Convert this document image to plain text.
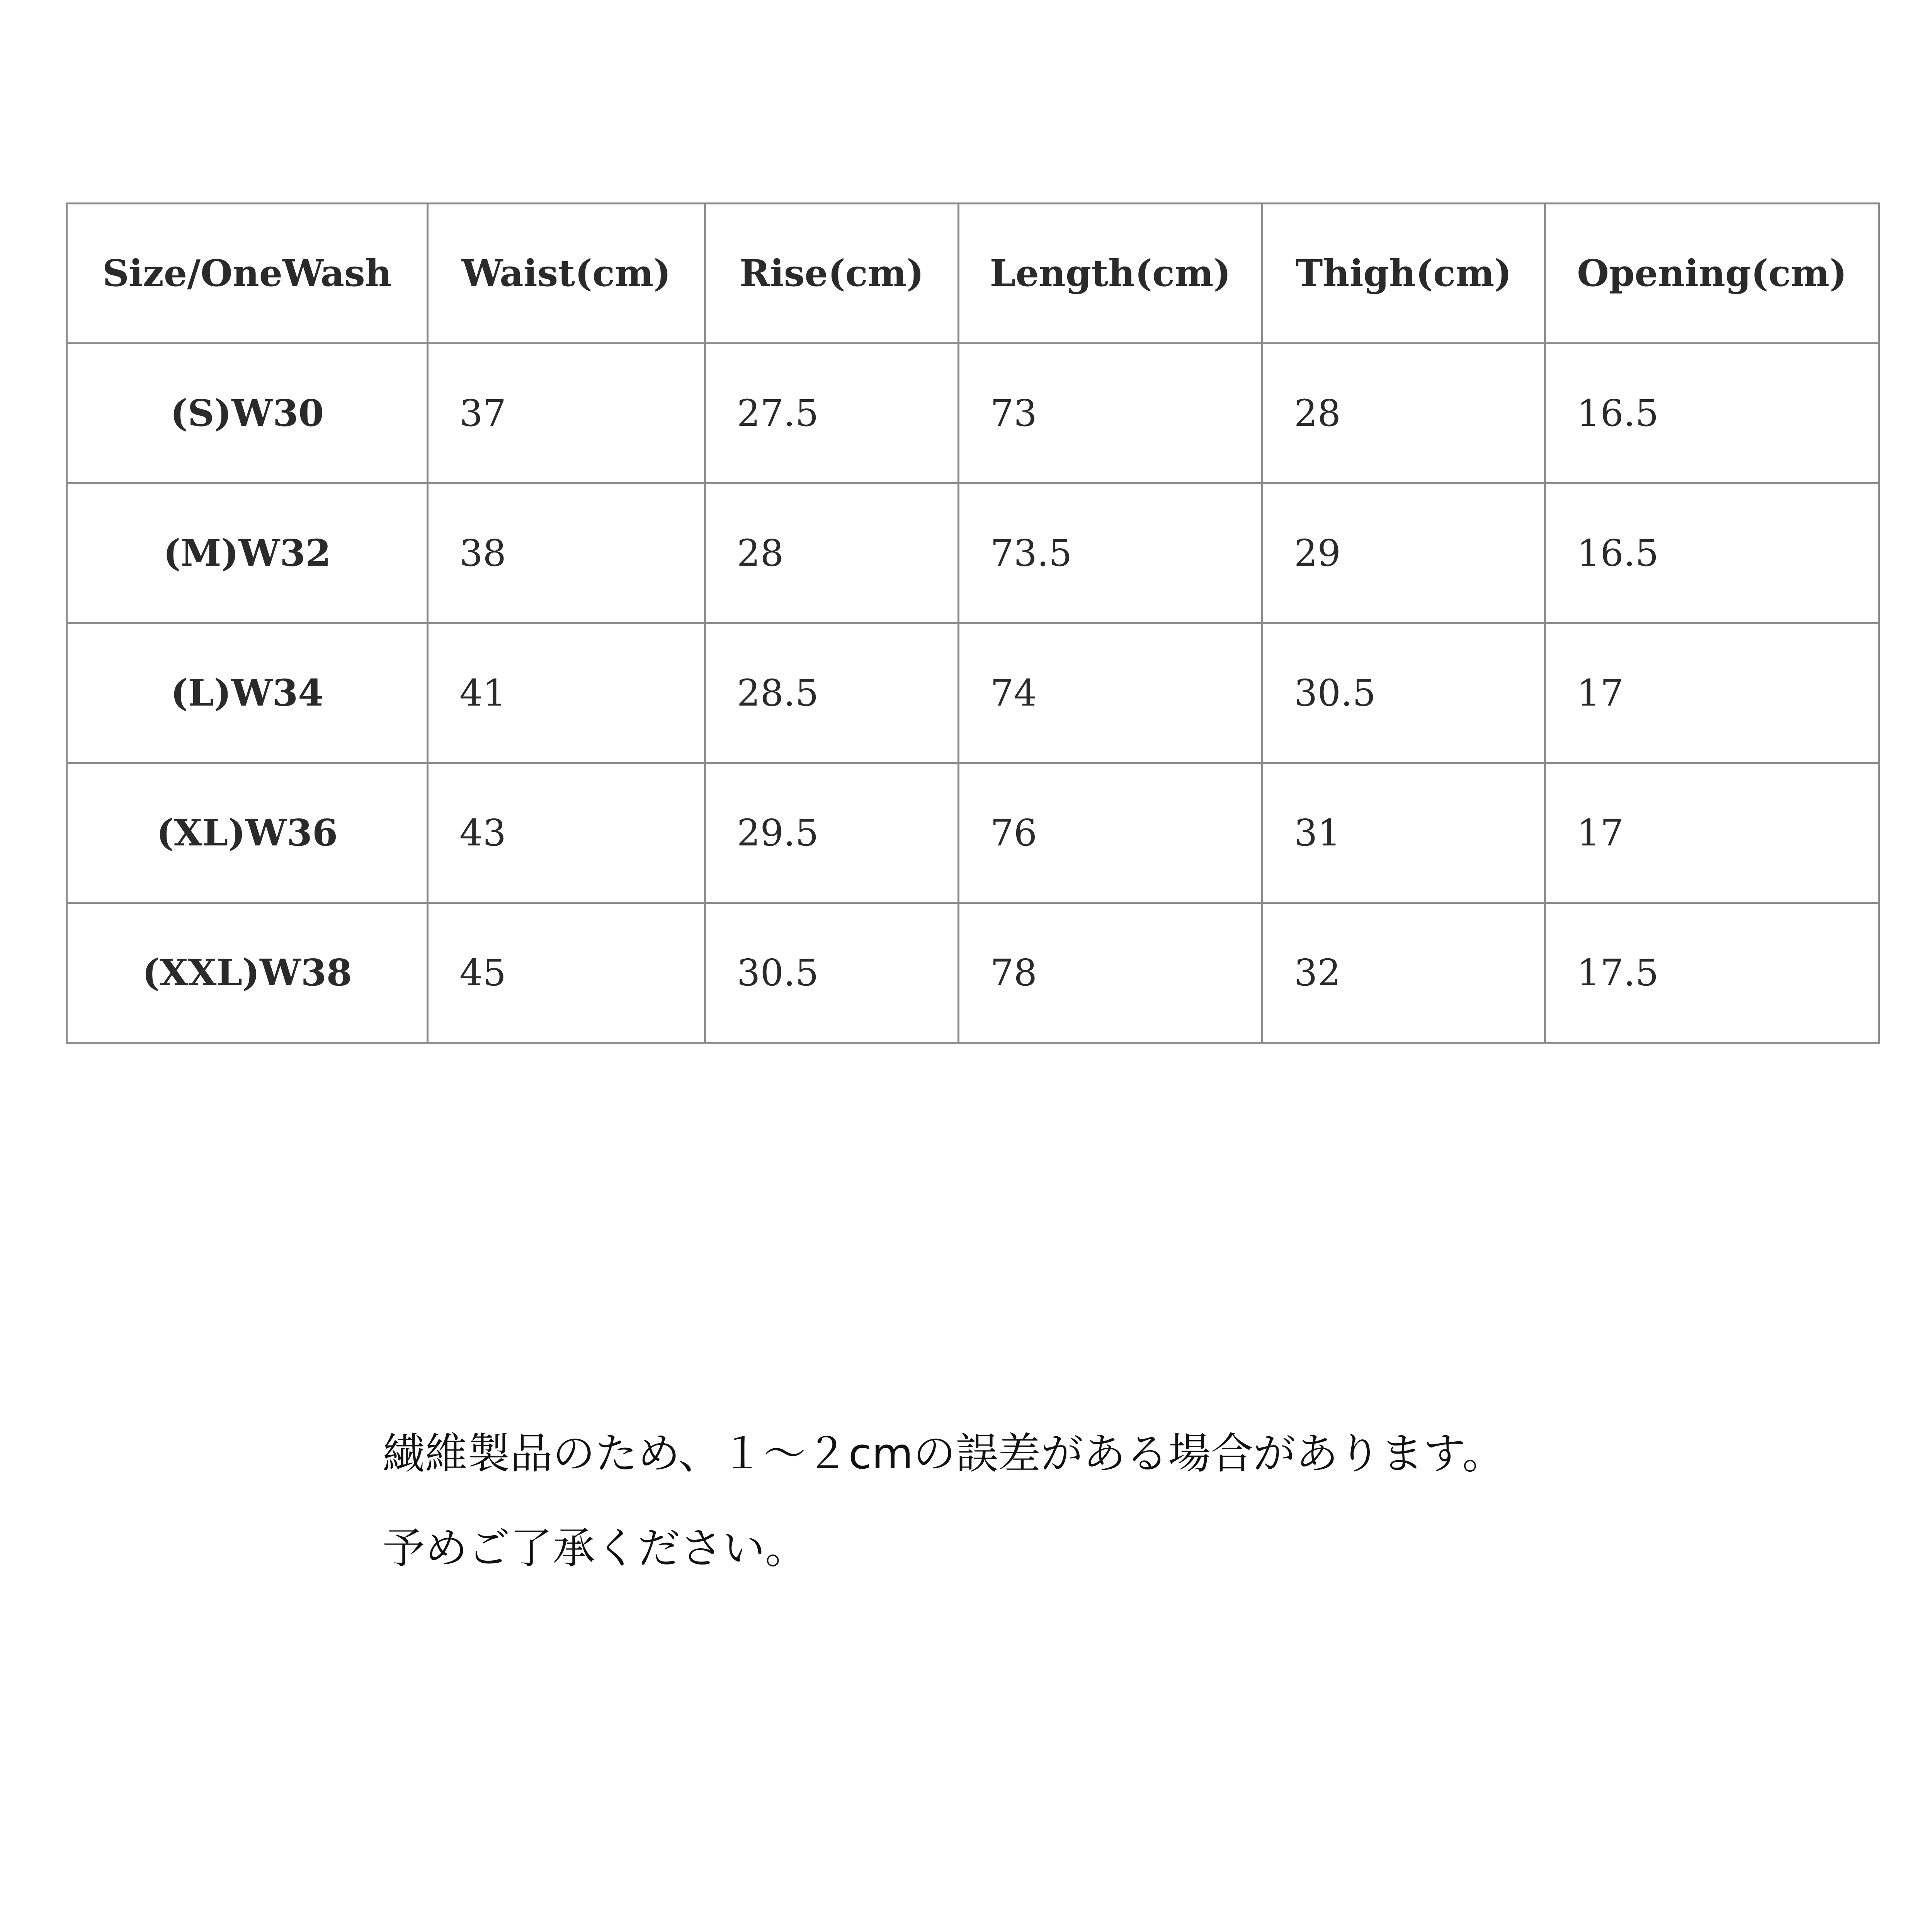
Size/OneWash	Waist(cm)	Rise(cm)	Length(cm)	Thigh(cm)	Opening(cm)
(S)W30	37	27.5	73	28	16.5
(M)W32	38	28	73.5	29	16.5
(L)W34	41	28.5	74	30.5	17
(XL)W36	43	29.5	76	31	17
(XXL)W38	45	30.5	78	32	17.5

繊維製品のため、１〜２cmの誤差がある場合があります。

予めご了承ください。
